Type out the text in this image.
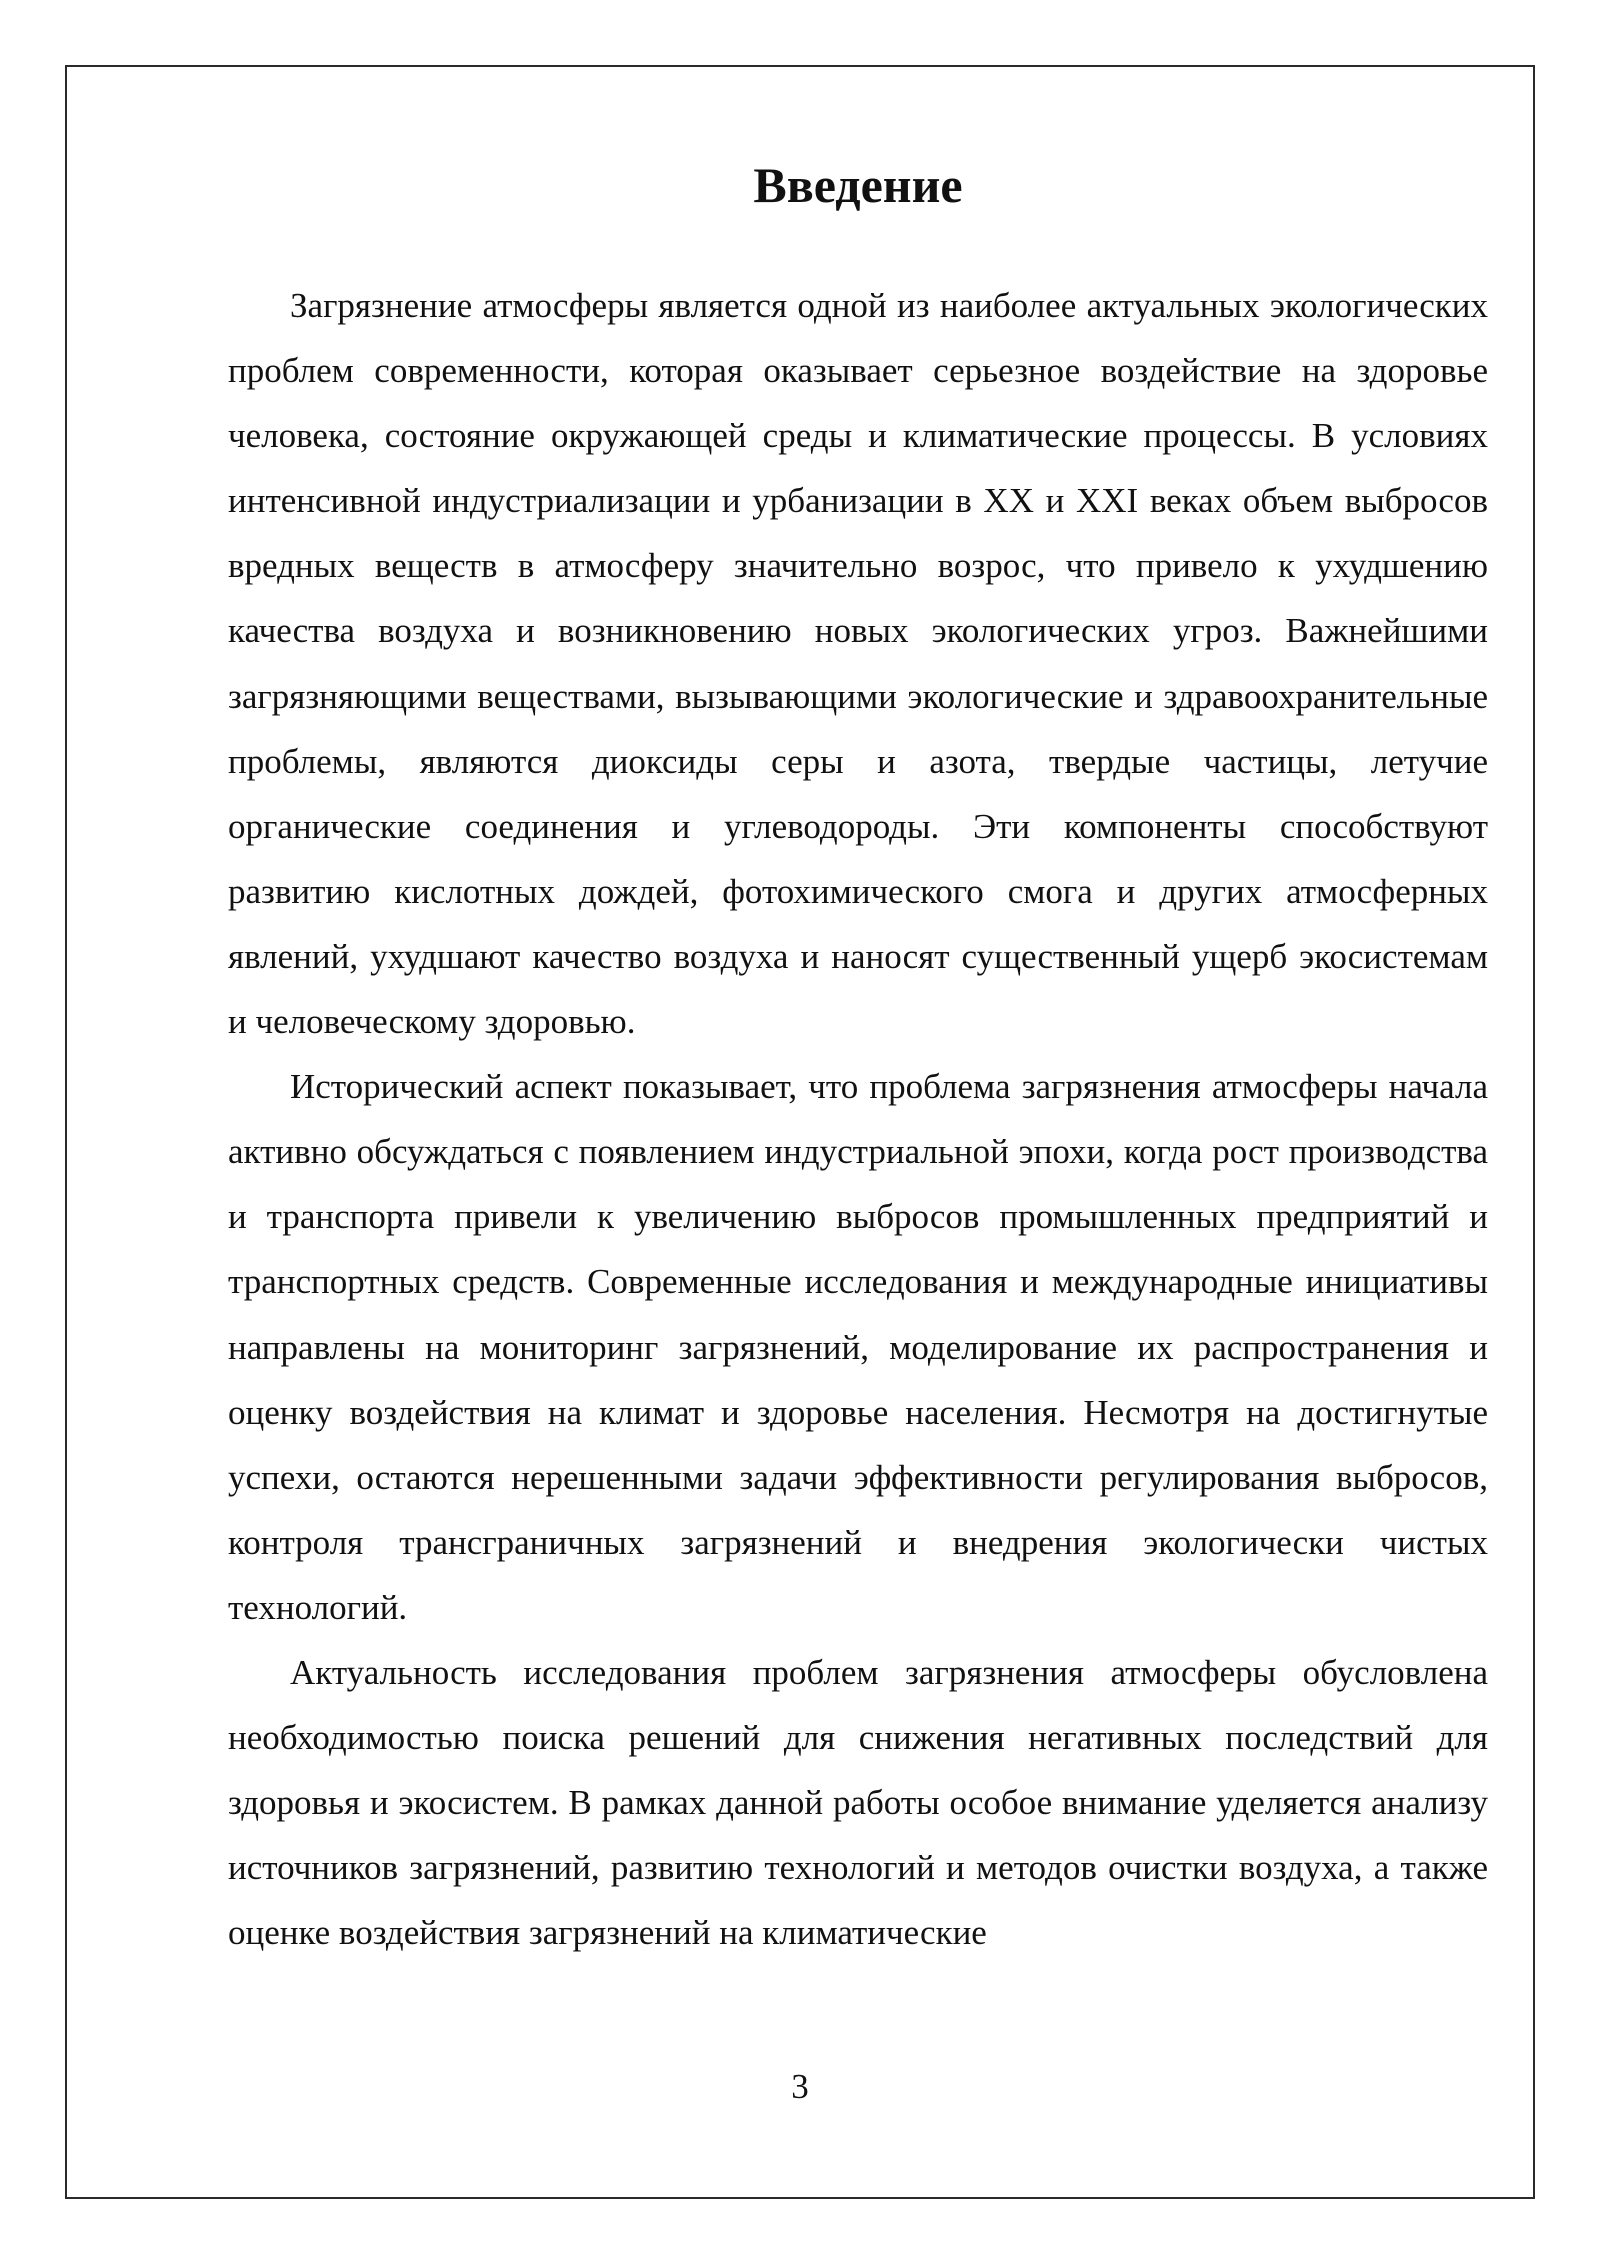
Введение

Загрязнение атмосферы является одной из наиболее актуальных экологических проблем современности, которая оказывает серьезное воздействие на здоровье человека, состояние окружающей среды и климатические процессы. В условиях интенсивной индустриализации и урбанизации в XX и XXI веках объем выбросов вредных веществ в атмосферу значительно возрос, что привело к ухудшению качества воздуха и возникновению новых экологических угроз. Важнейшими загрязняющими веществами, вызывающими экологические и здравоохранительные проблемы, являются диоксиды серы и азота, твердые частицы, летучие органические соединения и углеводороды. Эти компоненты способствуют развитию кислотных дождей, фотохимического смога и других атмосферных явлений, ухудшают качество воздуха и наносят существенный ущерб экосистемам и человеческому здоровью.

Исторический аспект показывает, что проблема загрязнения атмосферы начала активно обсуждаться с появлением индустриальной эпохи, когда рост производства и транспорта привели к увеличению выбросов промышленных предприятий и транспортных средств. Современные исследования и международные инициативы направлены на мониторинг загрязнений, моделирование их распространения и оценку воздействия на климат и здоровье населения. Несмотря на достигнутые успехи, остаются нерешенными задачи эффективности регулирования выбросов, контроля трансграничных загрязнений и внедрения экологически чистых технологий.

Актуальность исследования проблем загрязнения атмосферы обусловлена необходимостью поиска решений для снижения негативных последствий для здоровья и экосистем. В рамках данной работы особое внимание уделяется анализу источников загрязнений, развитию технологий и методов очистки воздуха, а также оценке воздействия загрязнений на климатические

3
